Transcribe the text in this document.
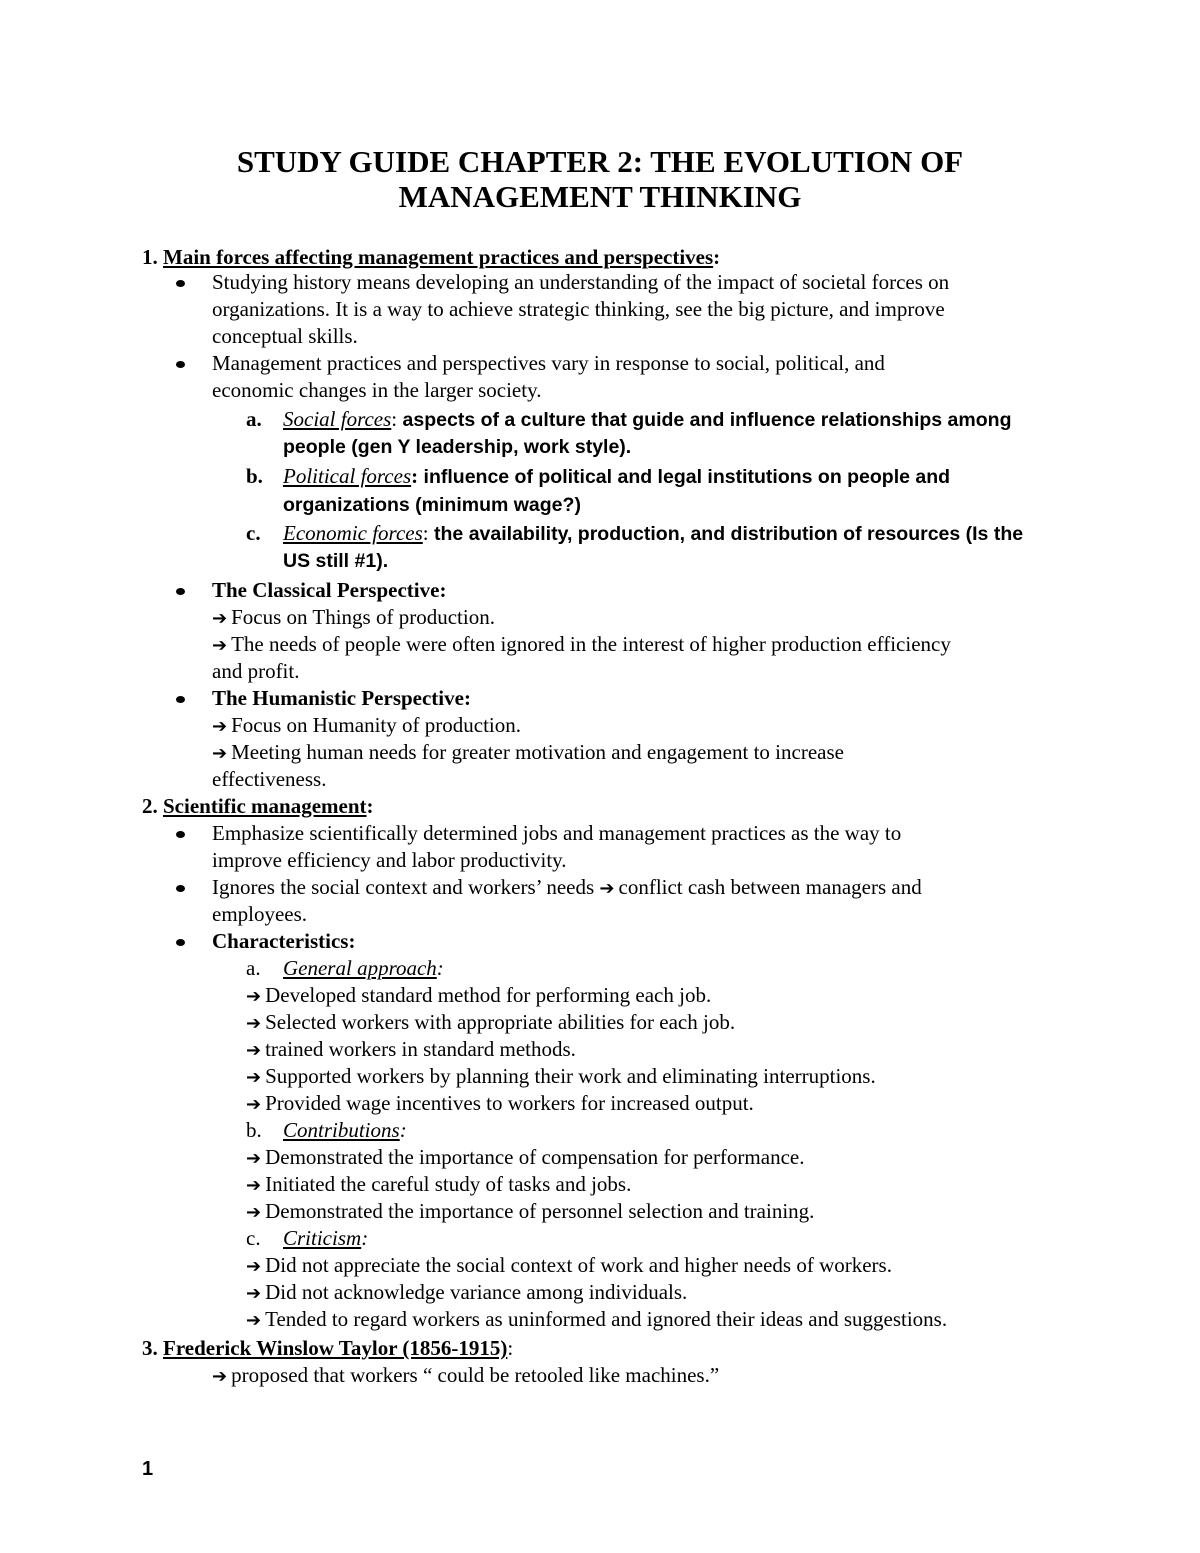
STUDY GUIDE CHAPTER 2: THE EVOLUTION OF
MANAGEMENT THINKING
1. Main forces affecting management practices and perspectives:
Studying history means developing an understanding of the impact of societal forces on
organizations. It is a way to achieve strategic thinking, see the big picture, and improve
conceptual skills.
Management practices and perspectives vary in response to social, political, and
economic changes in the larger society.
a. Social forces: aspects of a culture that guide and influence relationships among
people (gen Y leadership, work style).
b. Political forces: influence of political and legal institutions on people and
organizations (minimum wage?)
c. Economic forces: the availability, production, and distribution of resources (Is the
US still #1).
The Classical Perspective:
➔ Focus on Things of production.
➔ The needs of people were often ignored in the interest of higher production efficiency
and profit.
The Humanistic Perspective:
➔ Focus on Humanity of production.
➔ Meeting human needs for greater motivation and engagement to increase
effectiveness.
2. Scientific management:
Emphasize scientifically determined jobs and management practices as the way to
improve efficiency and labor productivity.
Ignores the social context and workers’ needs ➔ conflict cash between managers and
employees.
Characteristics:
a. General approach:
➔ Developed standard method for performing each job.
➔ Selected workers with appropriate abilities for each job.
➔ trained workers in standard methods.
➔ Supported workers by planning their work and eliminating interruptions.
➔ Provided wage incentives to workers for increased output.
b. Contributions:
➔ Demonstrated the importance of compensation for performance.
➔ Initiated the careful study of tasks and jobs.
➔ Demonstrated the importance of personnel selection and training.
c. Criticism:
➔ Did not appreciate the social context of work and higher needs of workers.
➔ Did not acknowledge variance among individuals.
➔ Tended to regard workers as uninformed and ignored their ideas and suggestions.
3. Frederick Winslow Taylor (1856-1915):
➔ proposed that workers “ could be retooled like machines.”
1
